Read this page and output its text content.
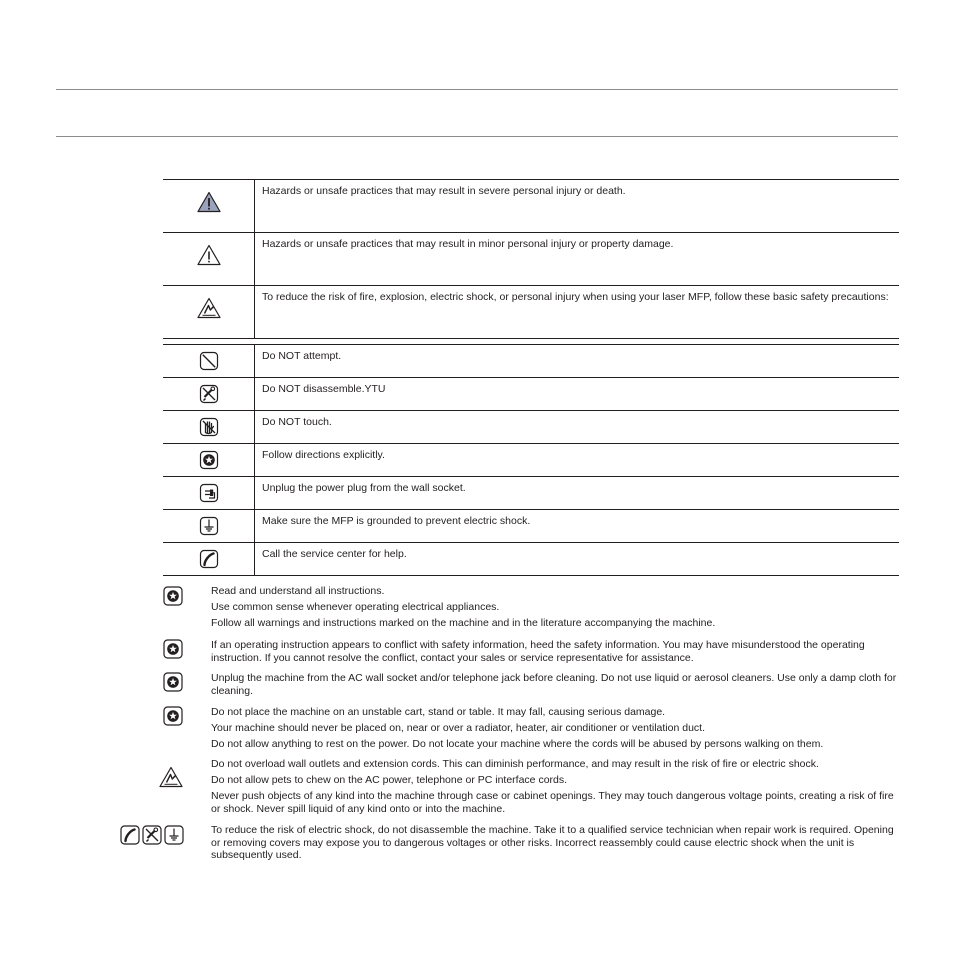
	Hazards or unsafe practices that may result in severe personal injury or death.
	Hazards or unsafe practices that may result in minor personal injury or property damage.
	To reduce the risk of fire, explosion, electric shock, or personal injury when using your laser MFP, follow these basic safety precautions:

	Do NOT attempt.
	Do NOT disassemble.YTU
	Do NOT touch.
	Follow directions explicitly.
	Unplug the power plug from the wall socket.
	Make sure the MFP is grounded to prevent electric shock.
	Call the service center for help.

Read and understand all instructions.

Use common sense whenever operating electrical appliances.

Follow all warnings and instructions marked on the machine and in the literature accompanying the machine.

If an operating instruction appears to conflict with safety information, heed the safety information. You may have misunderstood the operating instruction. If you cannot resolve the conflict, contact your sales or service representative for assistance.

Unplug the machine from the AC wall socket and/or telephone jack before cleaning. Do not use liquid or aerosol cleaners. Use only a damp cloth for cleaning.

Do not place the machine on an unstable cart, stand or table. It may fall, causing serious damage.

Your machine should never be placed on, near or over a radiator, heater, air conditioner or ventilation duct.

Do not allow anything to rest on the power. Do not locate your machine where the cords will be abused by persons walking on them.

Do not overload wall outlets and extension cords. This can diminish performance, and may result in the risk of fire or electric shock.

Do not allow pets to chew on the AC power, telephone or PC interface cords.

Never push objects of any kind into the machine through case or cabinet openings. They may touch dangerous voltage points, creating a risk of fire or shock. Never spill liquid of any kind onto or into the machine.

To reduce the risk of electric shock, do not disassemble the machine. Take it to a qualified service technician when repair work is required. Opening or removing covers may expose you to dangerous voltages or other risks. Incorrect reassembly could cause electric shock when the unit is subsequently used.
